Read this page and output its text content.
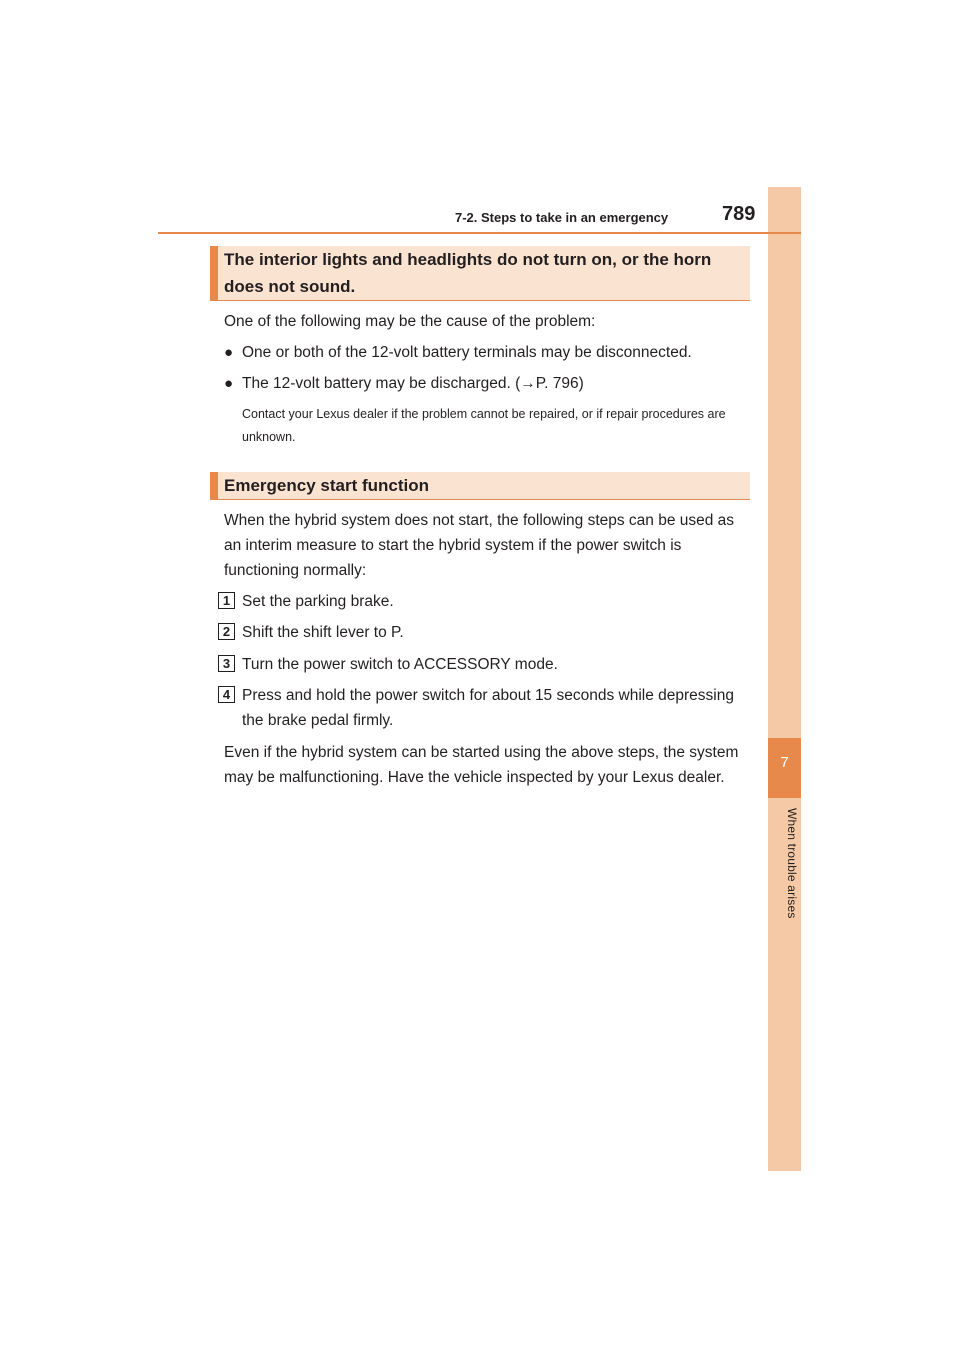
7
When trouble arises
7-2. Steps to take in an emergency	789
The interior lights and headlights do not turn on, or the horn does not sound.

One of the following may be the cause of the problem:

● One or both of the 12-volt battery terminals may be disconnected.
● The 12-volt battery may be discharged. (→P. 796)
Contact your Lexus dealer if the problem cannot be repaired, or if repair procedures are unknown.
Emergency start function

When the hybrid system does not start, the following steps can be used as an interim measure to start the hybrid system if the power switch is functioning normally:

1 Set the parking brake.
2 Shift the shift lever to P.
3 Turn the power switch to ACCESSORY mode.
4 Press and hold the power switch for about 15 seconds while depressing the brake pedal firmly.

Even if the hybrid system can be started using the above steps, the system may be malfunctioning. Have the vehicle inspected by your Lexus dealer.
